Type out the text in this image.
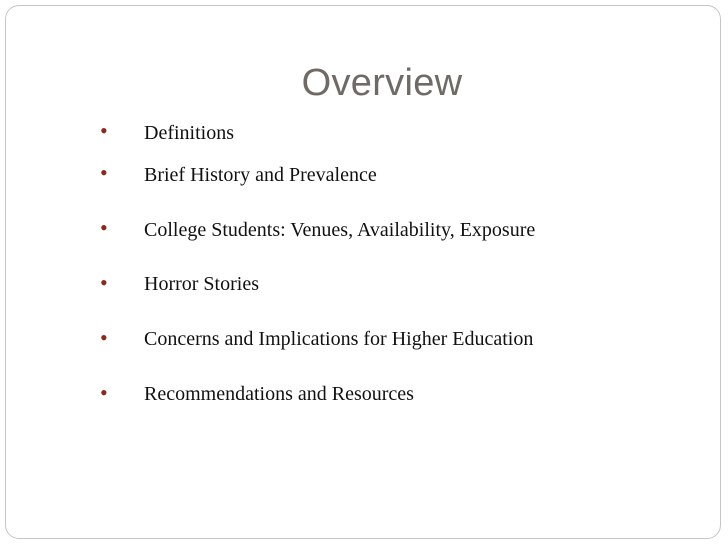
Overview
•	Definitions
•	Brief History and Prevalence
•	College Students: Venues, Availability, Exposure
•	Horror Stories
•	Concerns and Implications for Higher Education
•	Recommendations and Resources
